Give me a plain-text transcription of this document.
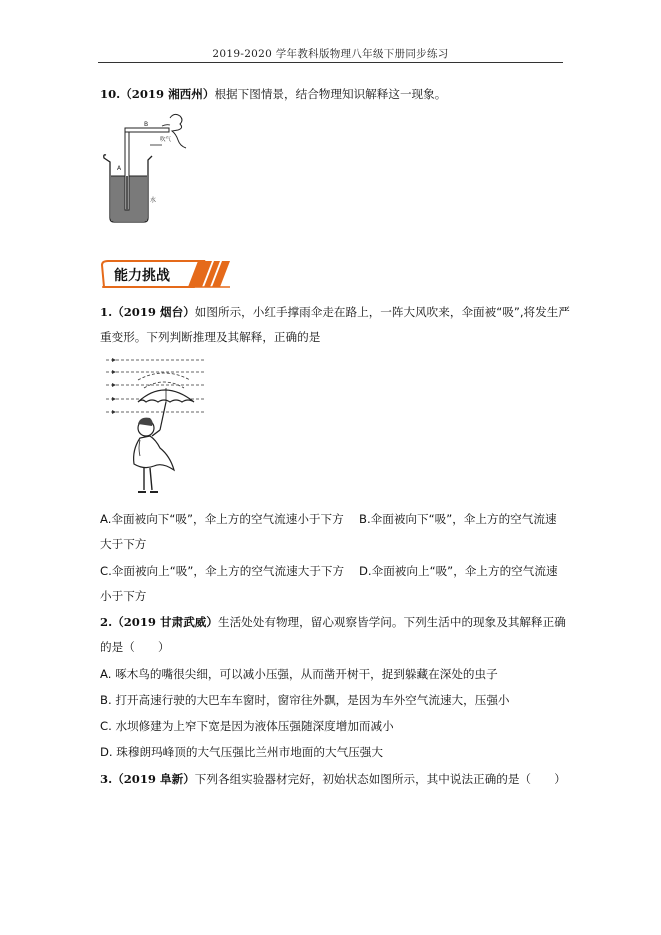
2019-2020 学年教科版物理八年级下册同步练习
10.（2019 湘西州）根据下图情景，结合物理知识解释这一现象。
A
B
水
吹气
能力挑战
1.（2019 烟台）如图所示，小红手撑雨伞走在路上，一阵大风吹来，伞面被“吸”,将发生严
重变形。下列判断推理及其解释，正确的是
A.伞面被向下“吸”，伞上方的空气流速小于下方 B.伞面被向下“吸”，伞上方的空气流速
大于下方
C.伞面被向上“吸”，伞上方的空气流速大于下方 D.伞面被向上“吸”，伞上方的空气流速
小于下方
2.（2019 甘肃武威）生活处处有物理，留心观察皆学问。下列生活中的现象及其解释正确
的是（　　）
A. 啄木鸟的嘴很尖细，可以减小压强，从而凿开树干，捉到躲藏在深处的虫子
B. 打开高速行驶的大巴车车窗时，窗帘往外飘，是因为车外空气流速大，压强小
C. 水坝修建为上窄下宽是因为液体压强随深度增加而减小
D. 珠穆朗玛峰顶的大气压强比兰州市地面的大气压强大
3.（2019 阜新）下列各组实验器材完好，初始状态如图所示，其中说法正确的是（　　）
